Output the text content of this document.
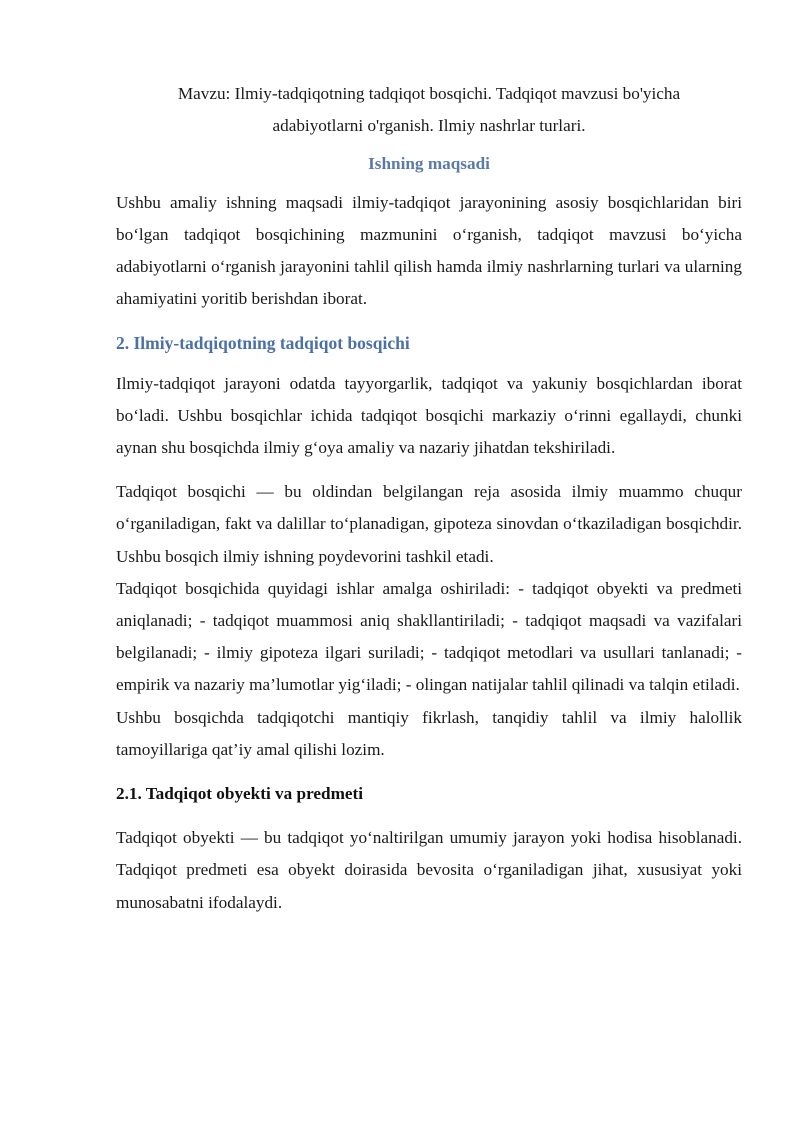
Mavzu: Ilmiy-tadqiqotning tadqiqot bosqichi. Tadqiqot mavzusi bo'yicha adabiyotlarni o'rganish. Ilmiy nashrlar turlari.

Ishning maqsadi

Ushbu amaliy ishning maqsadi ilmiy-tadqiqot jarayonining asosiy bosqichlaridan biri bo‘lgan tadqiqot bosqichining mazmunini o‘rganish, tadqiqot mavzusi bo‘yicha adabiyotlarni o‘rganish jarayonini tahlil qilish hamda ilmiy nashrlarning turlari va ularning ahamiyatini yoritib berishdan iborat.

2. Ilmiy-tadqiqotning tadqiqot bosqichi

Ilmiy-tadqiqot jarayoni odatda tayyorgarlik, tadqiqot va yakuniy bosqichlardan iborat bo‘ladi. Ushbu bosqichlar ichida tadqiqot bosqichi markaziy o‘rinni egallaydi, chunki aynan shu bosqichda ilmiy g‘oya amaliy va nazariy jihatdan tekshiriladi.

Tadqiqot bosqichi — bu oldindan belgilangan reja asosida ilmiy muammo chuqur o‘rganiladigan, fakt va dalillar to‘planadigan, gipoteza sinovdan o‘tkaziladigan bosqichdir. Ushbu bosqich ilmiy ishning poydevorini tashkil etadi.

Tadqiqot bosqichida quyidagi ishlar amalga oshiriladi: - tadqiqot obyekti va predmeti aniqlanadi; - tadqiqot muammosi aniq shakllantiriladi; - tadqiqot maqsadi va vazifalari belgilanadi; - ilmiy gipoteza ilgari suriladi; - tadqiqot metodlari va usullari tanlanadi; - empirik va nazariy ma’lumotlar yig‘iladi; - olingan natijalar tahlil qilinadi va talqin etiladi.

Ushbu bosqichda tadqiqotchi mantiqiy fikrlash, tanqidiy tahlil va ilmiy halollik tamoyillariga qat’iy amal qilishi lozim.

2.1. Tadqiqot obyekti va predmeti

Tadqiqot obyekti — bu tadqiqot yo‘naltirilgan umumiy jarayon yoki hodisa hisoblanadi. Tadqiqot predmeti esa obyekt doirasida bevosita o‘rganiladigan jihat, xususiyat yoki munosabatni ifodalaydi.
